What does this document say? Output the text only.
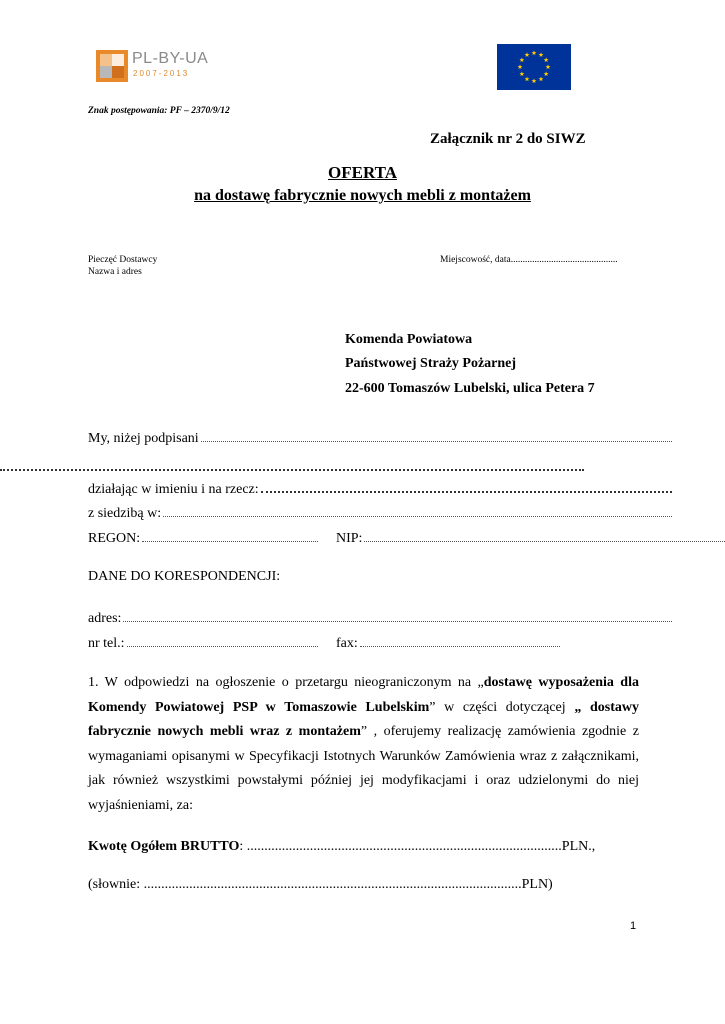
PL-BY-UA
2007-2013
Znak postępowania: PF – 2370/9/12
Załącznik nr 2 do SIWZ
OFERTA
na dostawę fabrycznie nowych mebli z montażem
Pieczęć Dostawcy
Nazwa i adres
Miejscowość, data.............................................
Komenda Powiatowa
Państwowej Straży Pożarnej
22-600 Tomaszów Lubelski, ulica Petera 7
My, niżej podpisani
działając w imieniu i na rzecz:
z siedzibą w:
REGON:	NIP:
DANE DO KORESPONDENCJI:
adres:
nr tel.:	fax:
1. W odpowiedzi na ogłoszenie o przetargu nieograniczonym na „dostawę wyposażenia dla Komendy Powiatowej PSP w Tomaszowie Lubelskim” w części dotyczącej „ dostawy fabrycznie nowych mebli wraz z montażem” , oferujemy realizację zamówienia zgodnie z wymaganiami opisanymi w Specyfikacji Istotnych Warunków Zamówienia wraz z załącznikami, jak również wszystkimi powstałymi później jej modyfikacjami i oraz udzielonymi do niej wyjaśnieniami, za:
Kwotę Ogółem BRUTTO: ..........................................................................................PLN.,
(słownie: ............................................................................................................PLN)
1
